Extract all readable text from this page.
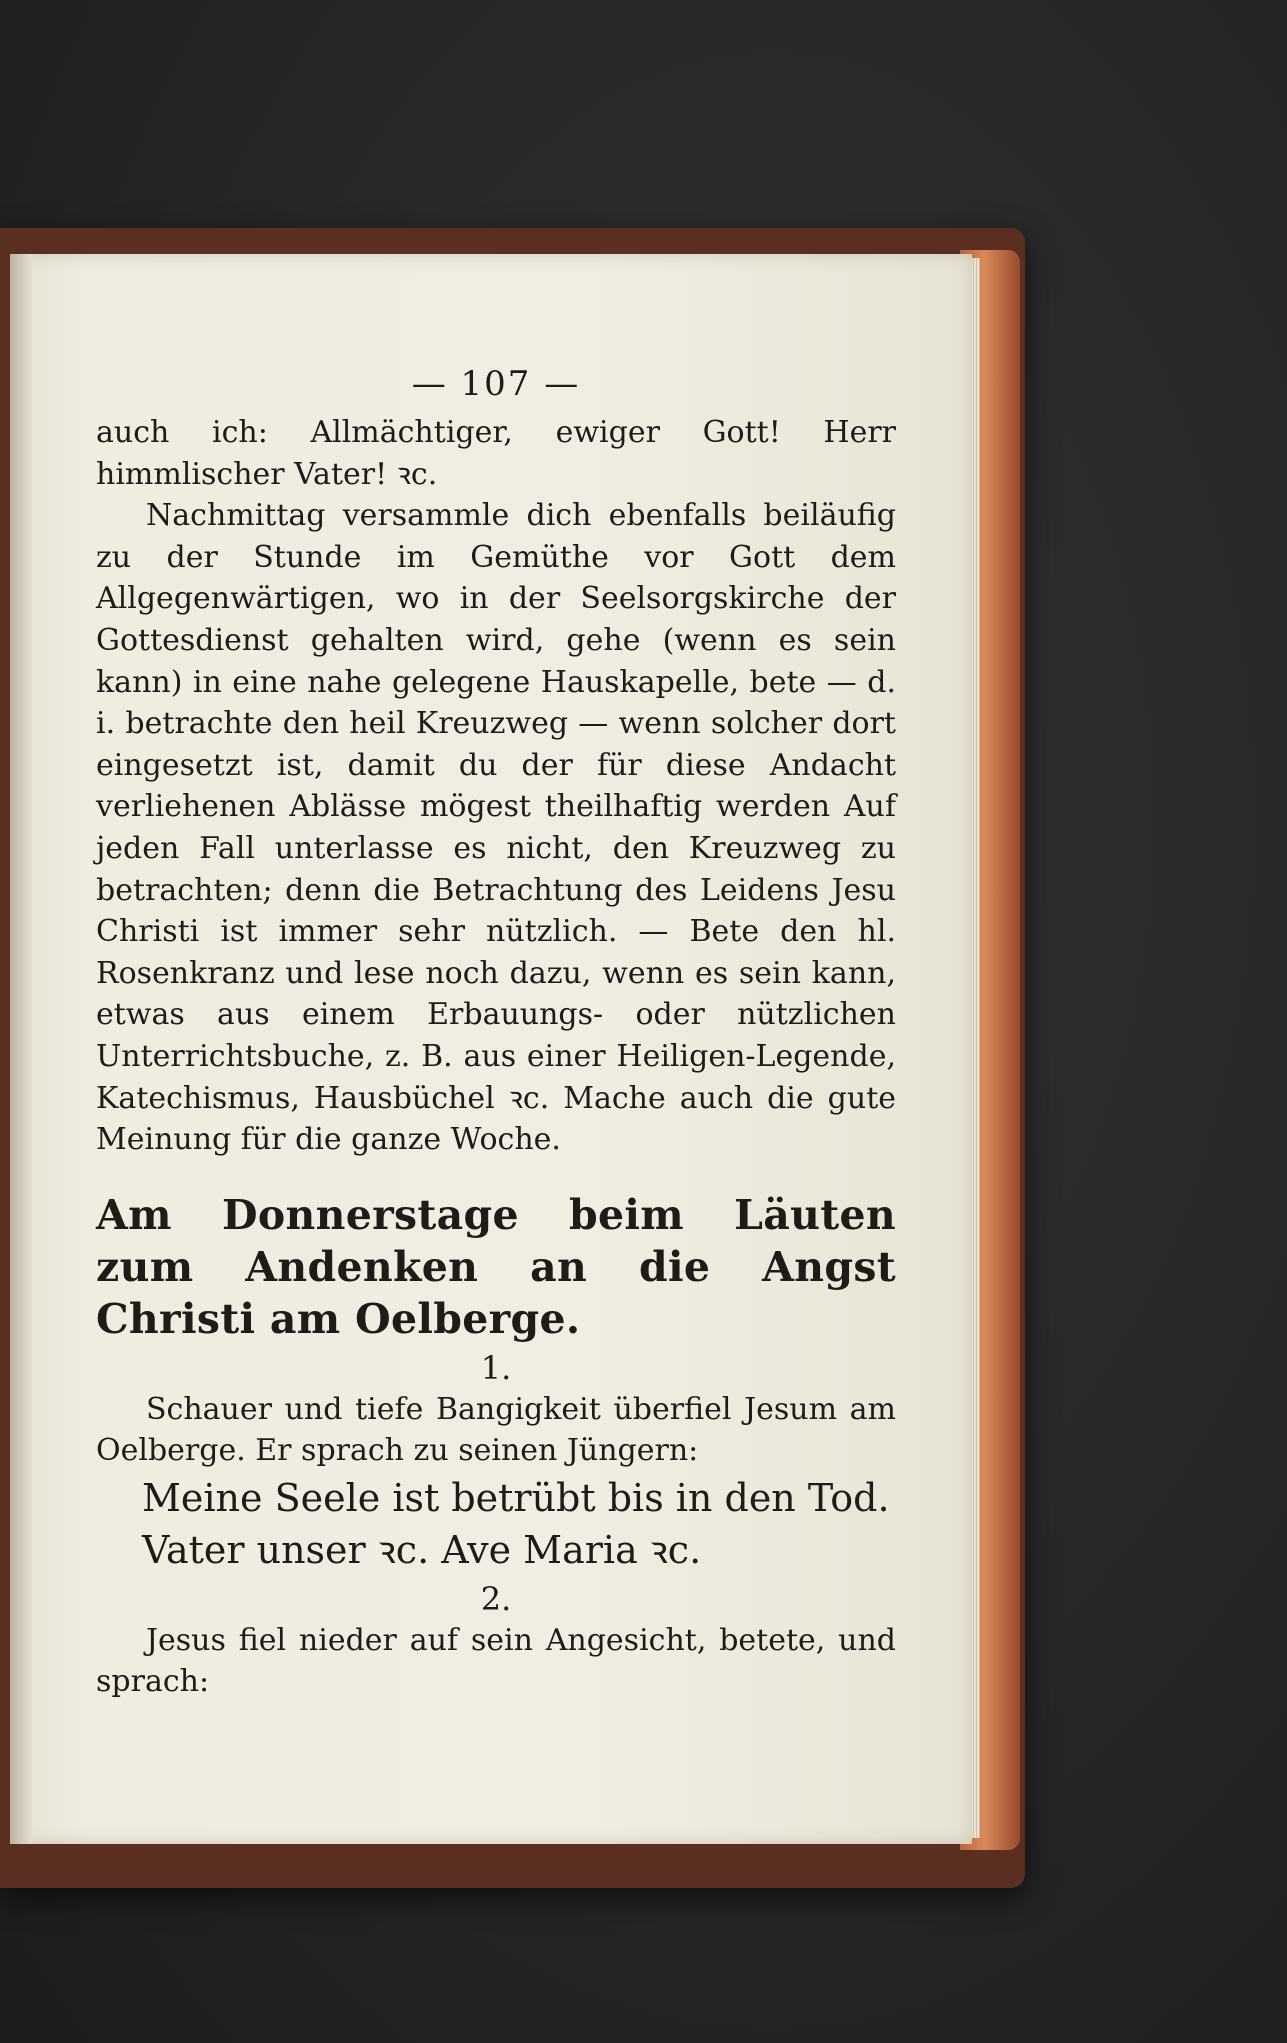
— 107 —

auch ich: Allmächtiger, ewiger Gott! Herr himmlischer Vater! ꝛc.

Nachmittag versammle dich ebenfalls beiläufig zu der Stunde im Gemüthe vor Gott dem Allgegenwärtigen, wo in der Seelsorgskirche der Gottesdienst gehalten wird, gehe (wenn es sein kann) in eine nahe gelegene Hauskapelle, bete — d. i. betrachte den heil Kreuzweg — wenn solcher dort eingesetzt ist, damit du der für diese Andacht verliehenen Ablässe mögest theilhaftig werden Auf jeden Fall unterlasse es nicht, den Kreuzweg zu betrachten; denn die Betrachtung des Leidens Jesu Christi ist immer sehr nützlich. — Bete den hl. Rosenkranz und lese noch dazu, wenn es sein kann, etwas aus einem Erbauungs- oder nützlichen Unterrichtsbuche, z. B. aus einer Heiligen-Legende, Katechismus, Hausbüchel ꝛc. Mache auch die gute Meinung für die ganze Woche.

Am Donnerstage beim Läuten zum Andenken an die Angst Christi am Oelberge.
1.

Schauer und tiefe Bangigkeit überfiel Jesum am Oelberge. Er sprach zu seinen Jüngern:

Meine Seele ist betrübt bis in den Tod.

Vater unser ꝛc. Ave Maria ꝛc.

2.

Jesus fiel nieder auf sein Angesicht, betete, und sprach:
